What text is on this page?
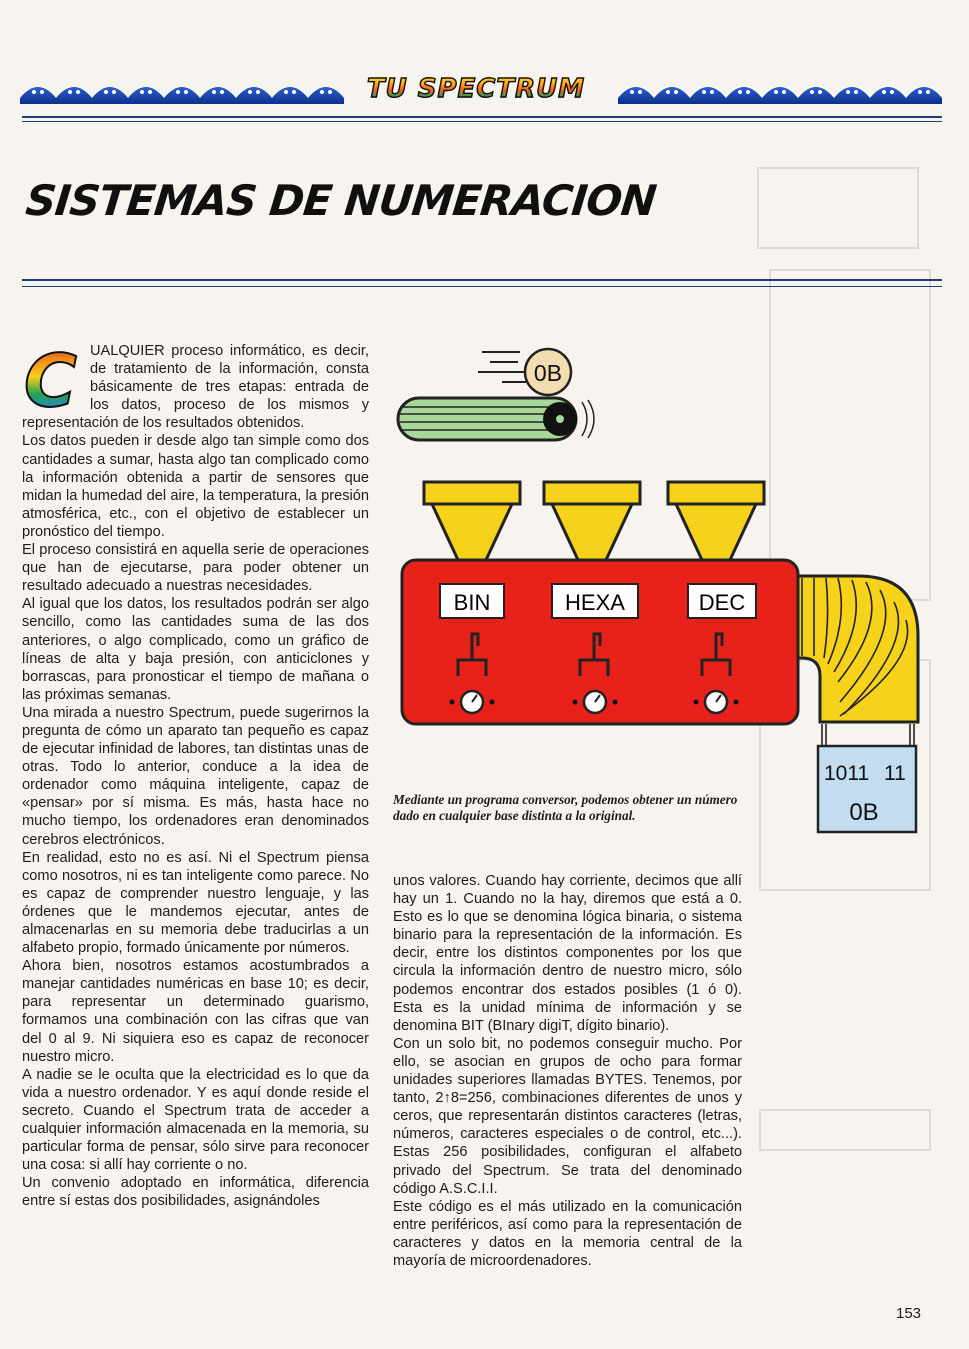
TU SPECTRUM
SISTEMAS DE NUMERACION
C UALQUIER proceso informático, es decir, de tratamiento de la información, consta básicamente de tres etapas: entrada de los datos, proceso de los mismos y representación de los resultados obtenidos.

Los datos pueden ir desde algo tan simple como dos cantidades a sumar, hasta algo tan complicado como la información obtenida a partir de sensores que midan la humedad del aire, la temperatura, la presión atmosférica, etc., con el objetivo de establecer un pronóstico del tiempo.

El proceso consistirá en aquella serie de operaciones que han de ejecutarse, para poder obtener un resultado adecuado a nuestras necesidades.

Al igual que los datos, los resultados podrán ser algo sencillo, como las cantidades suma de las dos anteriores, o algo complicado, como un gráfico de líneas de alta y baja presión, con anticiclones y borrascas, para pronosticar el tiempo de mañana o las próximas semanas.

Una mirada a nuestro Spectrum, puede sugerirnos la pregunta de cómo un aparato tan pequeño es capaz de ejecutar infinidad de labores, tan distintas unas de otras. Todo lo anterior, conduce a la idea de ordenador como máquina inteligente, capaz de «pensar» por sí misma. Es más, hasta hace no mucho tiempo, los ordenadores eran denominados cerebros electrónicos.

En realidad, esto no es así. Ni el Spectrum piensa como nosotros, ni es tan inteligente como parece. No es capaz de comprender nuestro lenguaje, y las órdenes que le mandemos ejecutar, antes de almacenarlas en su memoria debe traducirlas a un alfabeto propio, formado únicamente por números.

Ahora bien, nosotros estamos acostumbrados a manejar cantidades numéricas en base 10; es decir, para representar un determinado guarismo, formamos una combinación con las cifras que van del 0 al 9. Ni siquiera eso es capaz de reconocer nuestro micro.

A nadie se le oculta que la electricidad es lo que da vida a nuestro ordenador. Y es aquí donde reside el secreto. Cuando el Spectrum trata de acceder a cualquier información almacenada en la memoria, su particular forma de pensar, sólo sirve para reconocer una cosa: si allí hay corriente o no.

Un convenio adoptado en informática, diferencia entre sí estas dos posibilidades, asignándoles

0B
BIN	HEXA	DEC
1011 11
0B
Mediante un programa conversor, podemos obtener un número dado en cualquier base distinta a la original.

unos valores. Cuando hay corriente, decimos que allí hay un 1. Cuando no la hay, diremos que está a 0. Esto es lo que se denomina lógica binaria, o sistema binario para la representación de la información. Es decir, entre los distintos componentes por los que circula la información dentro de nuestro micro, sólo podemos encontrar dos estados posibles (1 ó 0). Esta es la unidad mínima de información y se denomina BIT (BInary digiT, dígito binario).

Con un solo bit, no podemos conseguir mucho. Por ello, se asocian en grupos de ocho para formar unidades superiores llamadas BYTES. Tenemos, por tanto, 2↑8=256, combinaciones diferentes de unos y ceros, que representarán distintos caracteres (letras, números, caracteres especiales o de control, etc...). Estas 256 posibilidades, configuran el alfabeto privado del Spectrum. Se trata del denominado código A.S.C.I.I.

Este código es el más utilizado en la comunicación entre periféricos, así como para la representación de caracteres y datos en la memoria central de la mayoría de microordenadores.

153
